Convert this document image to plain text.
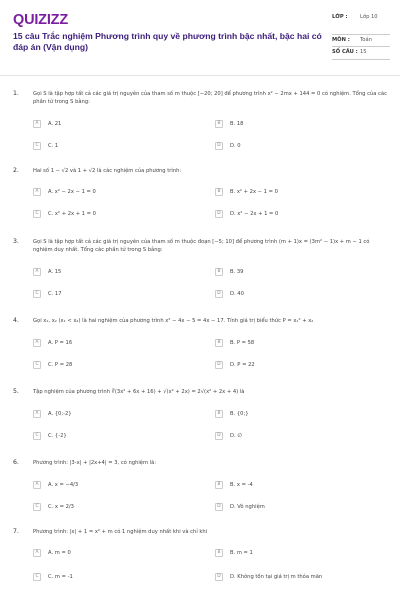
QUIZIZZ
15 câu Trắc nghiệm Phương trình quy về phương trình bậc nhất, bậc hai có đáp án (Vận dụng)
LỚP :	Lớp 10
MÔN :	Toán
SỐ CÂU : 15
1.	Gọi S là tập hợp tất cả các giá trị nguyên của tham số m thuộc [−20; 20] để phương trình x² − 2mx + 144 = 0 có nghiệm. Tổng của các phần tử trong S bằng:
A	A. 21	B	B. 18
C	C. 1	D	D. 0
2.	Hai số 1 − √2 và 1 + √2 là các nghiệm của phương trình:
A	A. x² − 2x − 1 = 0	B	B. x² + 2x − 1 = 0
C	C. x² + 2x + 1 = 0	D	D. x² − 2x + 1 = 0
3.	Gọi S là tập hợp tất cả các giá trị nguyên của tham số m thuộc đoạn [−5; 10] để phương trình (m + 1)x = (3m² − 1)x + m − 1 có nghiệm duy nhất. Tổng các phần tử trong S bằng:
A	A. 15	B	B. 39
C	C. 17	D	D. 40
4.	Gọi x₁, x₂ (x₁ < x₂) là hai nghiệm của phương trình x² − 4x − 5 = 4x − 17. Tính giá trị biểu thức P = x₁² + x₂
A	A. P = 16	B	B. P = 58
C	C. P = 28	D	D. P = 22
5.	Tập nghiệm của phương trình ∛(3x² + 6x + 16) + √(x² + 2x) = 2√(x² + 2x + 4) là
A	A. {0;-2}	B	B. {0;}
C	C. {-2}	D	D. ∅
6.	Phương trình: |3-x| + |2x+4| = 3, có nghiệm là:
A	A. x = −4/3	B	B. x = -4
C	C. x = 2/3	D	D. Vô nghiệm
7.	Phương trình: |x| + 1 = x² + m có 1 nghiệm duy nhất khi và chỉ khi
A	A. m = 0	B	B. m = 1
C	C. m = -1	D	D. Không tồn tại giá trị m thỏa mãn
